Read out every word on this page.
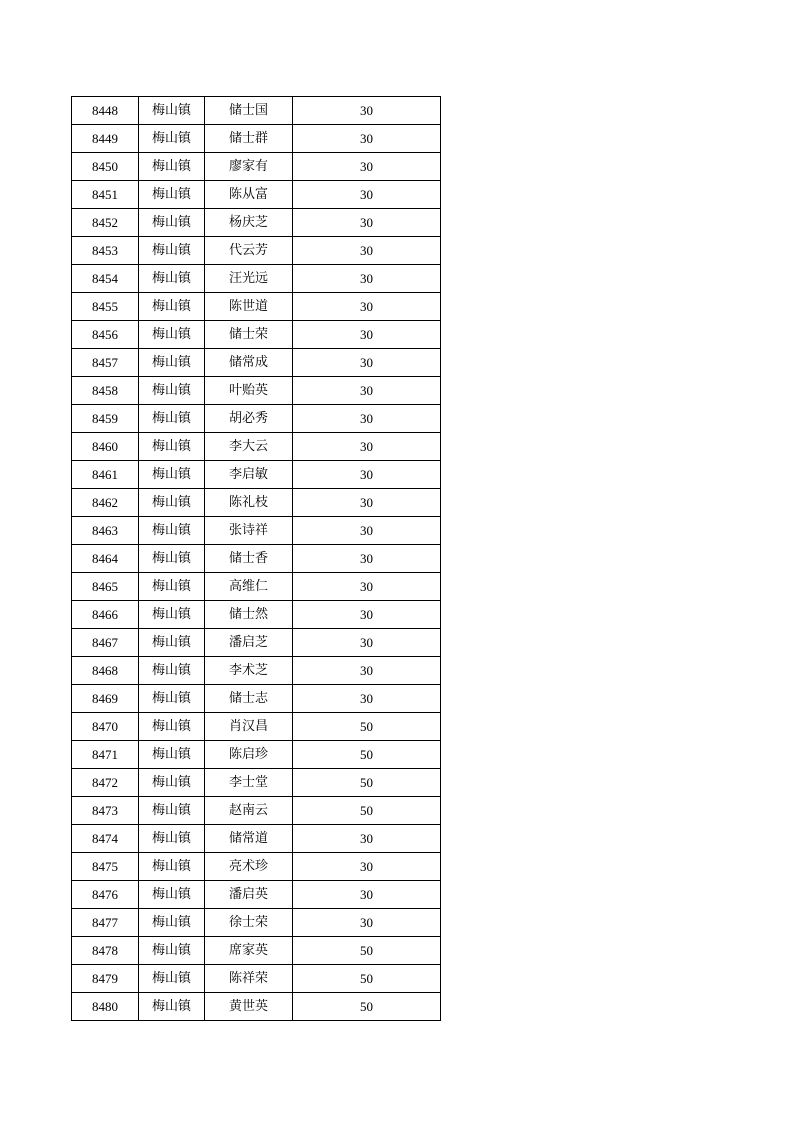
8448	梅山镇	储士国	30
8449	梅山镇	储士群	30
8450	梅山镇	廖家有	30
8451	梅山镇	陈从富	30
8452	梅山镇	杨庆芝	30
8453	梅山镇	代云芳	30
8454	梅山镇	汪光远	30
8455	梅山镇	陈世道	30
8456	梅山镇	储士荣	30
8457	梅山镇	储常成	30
8458	梅山镇	叶贻英	30
8459	梅山镇	胡必秀	30
8460	梅山镇	李大云	30
8461	梅山镇	李启敏	30
8462	梅山镇	陈礼枝	30
8463	梅山镇	张诗祥	30
8464	梅山镇	储士香	30
8465	梅山镇	高维仁	30
8466	梅山镇	储士然	30
8467	梅山镇	潘启芝	30
8468	梅山镇	李术芝	30
8469	梅山镇	储士志	30
8470	梅山镇	肖汉昌	50
8471	梅山镇	陈启珍	50
8472	梅山镇	李士堂	50
8473	梅山镇	赵南云	50
8474	梅山镇	储常道	30
8475	梅山镇	亮术珍	30
8476	梅山镇	潘启英	30
8477	梅山镇	徐士荣	30
8478	梅山镇	席家英	50
8479	梅山镇	陈祥荣	50
8480	梅山镇	黄世英	50
